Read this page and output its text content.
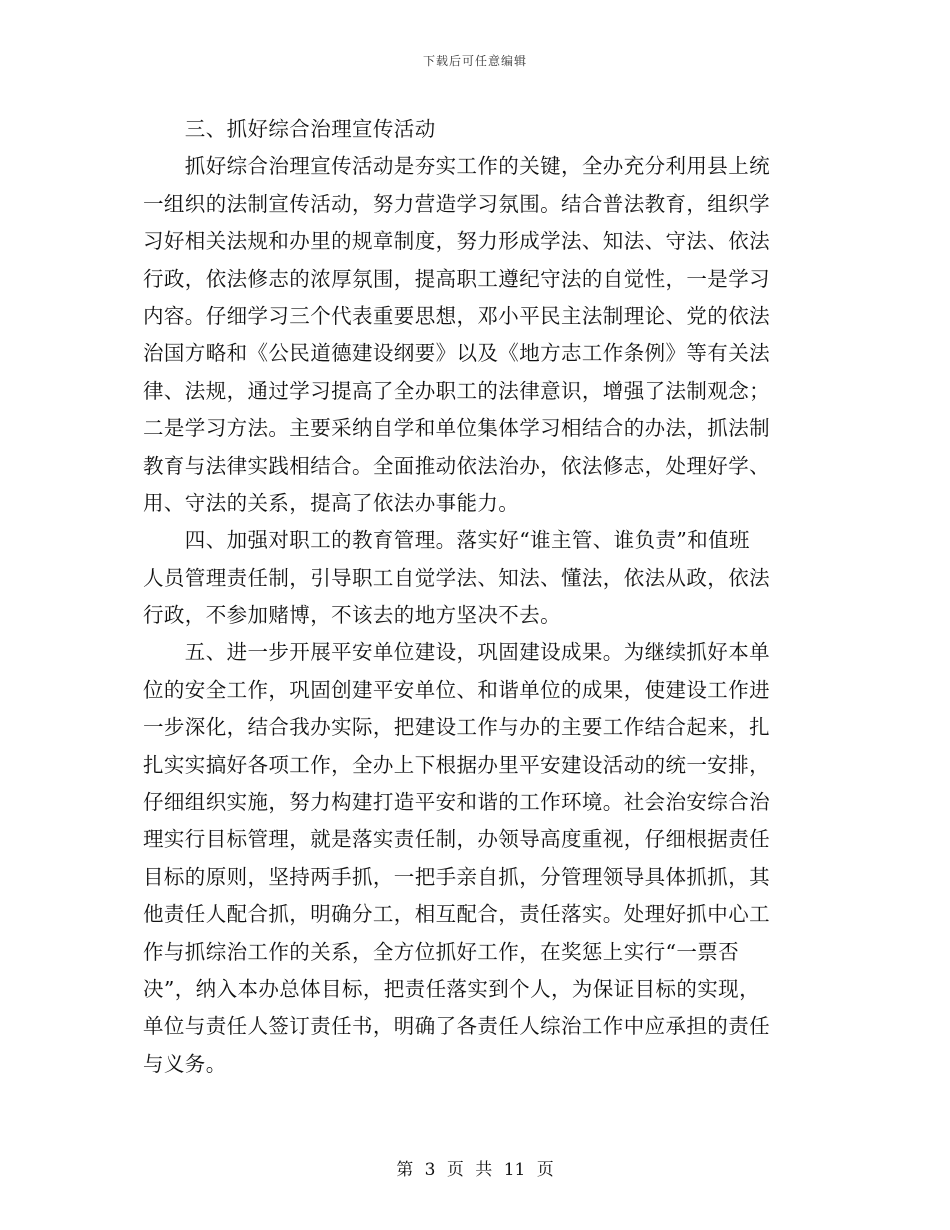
下载后可任意编辑
　　三、抓好综合治理宣传活动
　　抓好综合治理宣传活动是夯实工作的关键，全办充分利用县上统
一组织的法制宣传活动，努力营造学习氛围。结合普法教育，组织学
习好相关法规和办里的规章制度，努力形成学法、知法、守法、依法
行政，依法修志的浓厚氛围，提高职工遵纪守法的自觉性，一是学习
内容。仔细学习三个代表重要思想，邓小平民主法制理论、党的依法
治国方略和《公民道德建设纲要》以及《地方志工作条例》等有关法
律、法规，通过学习提高了全办职工的法律意识，增强了法制观念；
二是学习方法。主要采纳自学和单位集体学习相结合的办法，抓法制
教育与法律实践相结合。全面推动依法治办，依法修志，处理好学、
用、守法的关系，提高了依法办事能力。
　　四、加强对职工的教育管理。落实好“谁主管、谁负责”和值班
人员管理责任制，引导职工自觉学法、知法、懂法，依法从政，依法
行政，不参加赌博，不该去的地方坚决不去。
　　五、进一步开展平安单位建设，巩固建设成果。为继续抓好本单
位的安全工作，巩固创建平安单位、和谐单位的成果，使建设工作进
一步深化，结合我办实际，把建设工作与办的主要工作结合起来，扎
扎实实搞好各项工作，全办上下根据办里平安建设活动的统一安排，
仔细组织实施，努力构建打造平安和谐的工作环境。社会治安综合治
理实行目标管理，就是落实责任制，办领导高度重视，仔细根据责任
目标的原则，坚持两手抓，一把手亲自抓，分管理领导具体抓抓，其
他责任人配合抓，明确分工，相互配合，责任落实。处理好抓中心工
作与抓综治工作的关系，全方位抓好工作，在奖惩上实行“一票否
决”，纳入本办总体目标，把责任落实到个人，为保证目标的实现，
单位与责任人签订责任书，明确了各责任人综治工作中应承担的责任
与义务。
第 3 页 共 11 页
